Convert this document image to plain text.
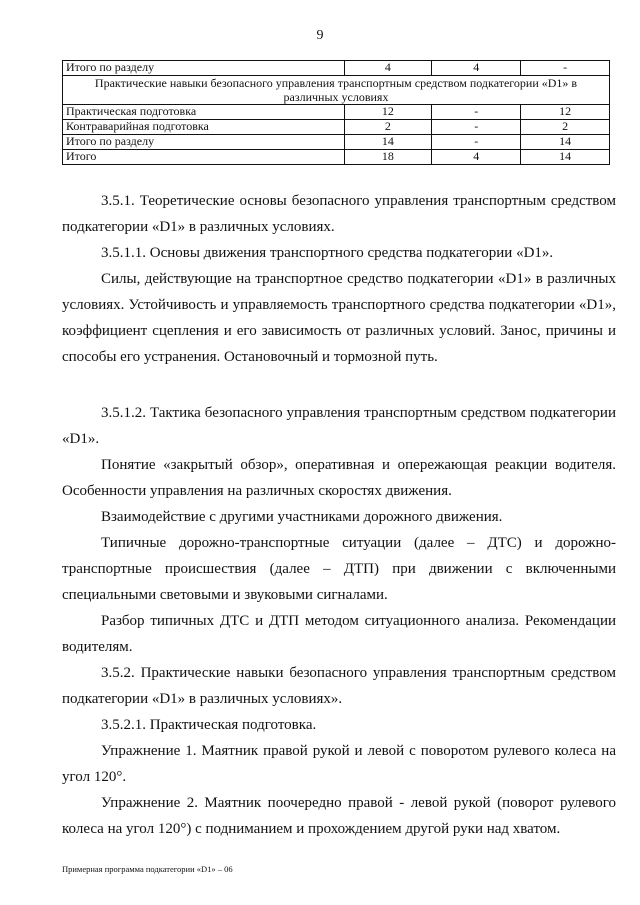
9
Итого по разделу	4	4	-
Практические навыки безопасного управления транспортным средством подкатегории «D1» в различных условиях			
Практическая подготовка	12	-	12
Контраварийная подготовка	2	-	2
Итого по разделу	14	-	14
Итого	18	4	14
3.5.1. Теоретические основы безопасного управления транспортным средством подкатегории «D1» в различных условиях.
3.5.1.1. Основы движения транспортного средства подкатегории «D1».
Силы, действующие на транспортное средство подкатегории «D1» в различных условиях. Устойчивость и управляемость транспортного средства подкатегории «D1», коэффициент сцепления и его зависимость от различных условий. Занос, причины и способы его устранения. Остановочный и тормозной путь.
3.5.1.2. Тактика безопасного управления транспортным средством подкатегории «D1».
Понятие «закрытый обзор», оперативная и опережающая реакции водителя. Особенности управления на различных скоростях движения.
Взаимодействие с другими участниками дорожного движения.
Типичные дорожно-транспортные ситуации (далее – ДТС) и дорожно-транспортные происшествия (далее – ДТП) при движении с включенными специальными световыми и звуковыми сигналами.
Разбор типичных ДТС и ДТП методом ситуационного анализа. Рекомендации водителям.
3.5.2. Практические навыки безопасного управления транспортным средством подкатегории «D1» в различных условиях».
3.5.2.1. Практическая подготовка.
Упражнение 1. Маятник правой рукой и левой с поворотом рулевого колеса на угол 120°.
Упражнение 2. Маятник поочередно правой - левой рукой (поворот рулевого колеса на угол 120°) с подниманием и прохождением другой руки над хватом.
Примерная программа подкатегории «D1» – 06
